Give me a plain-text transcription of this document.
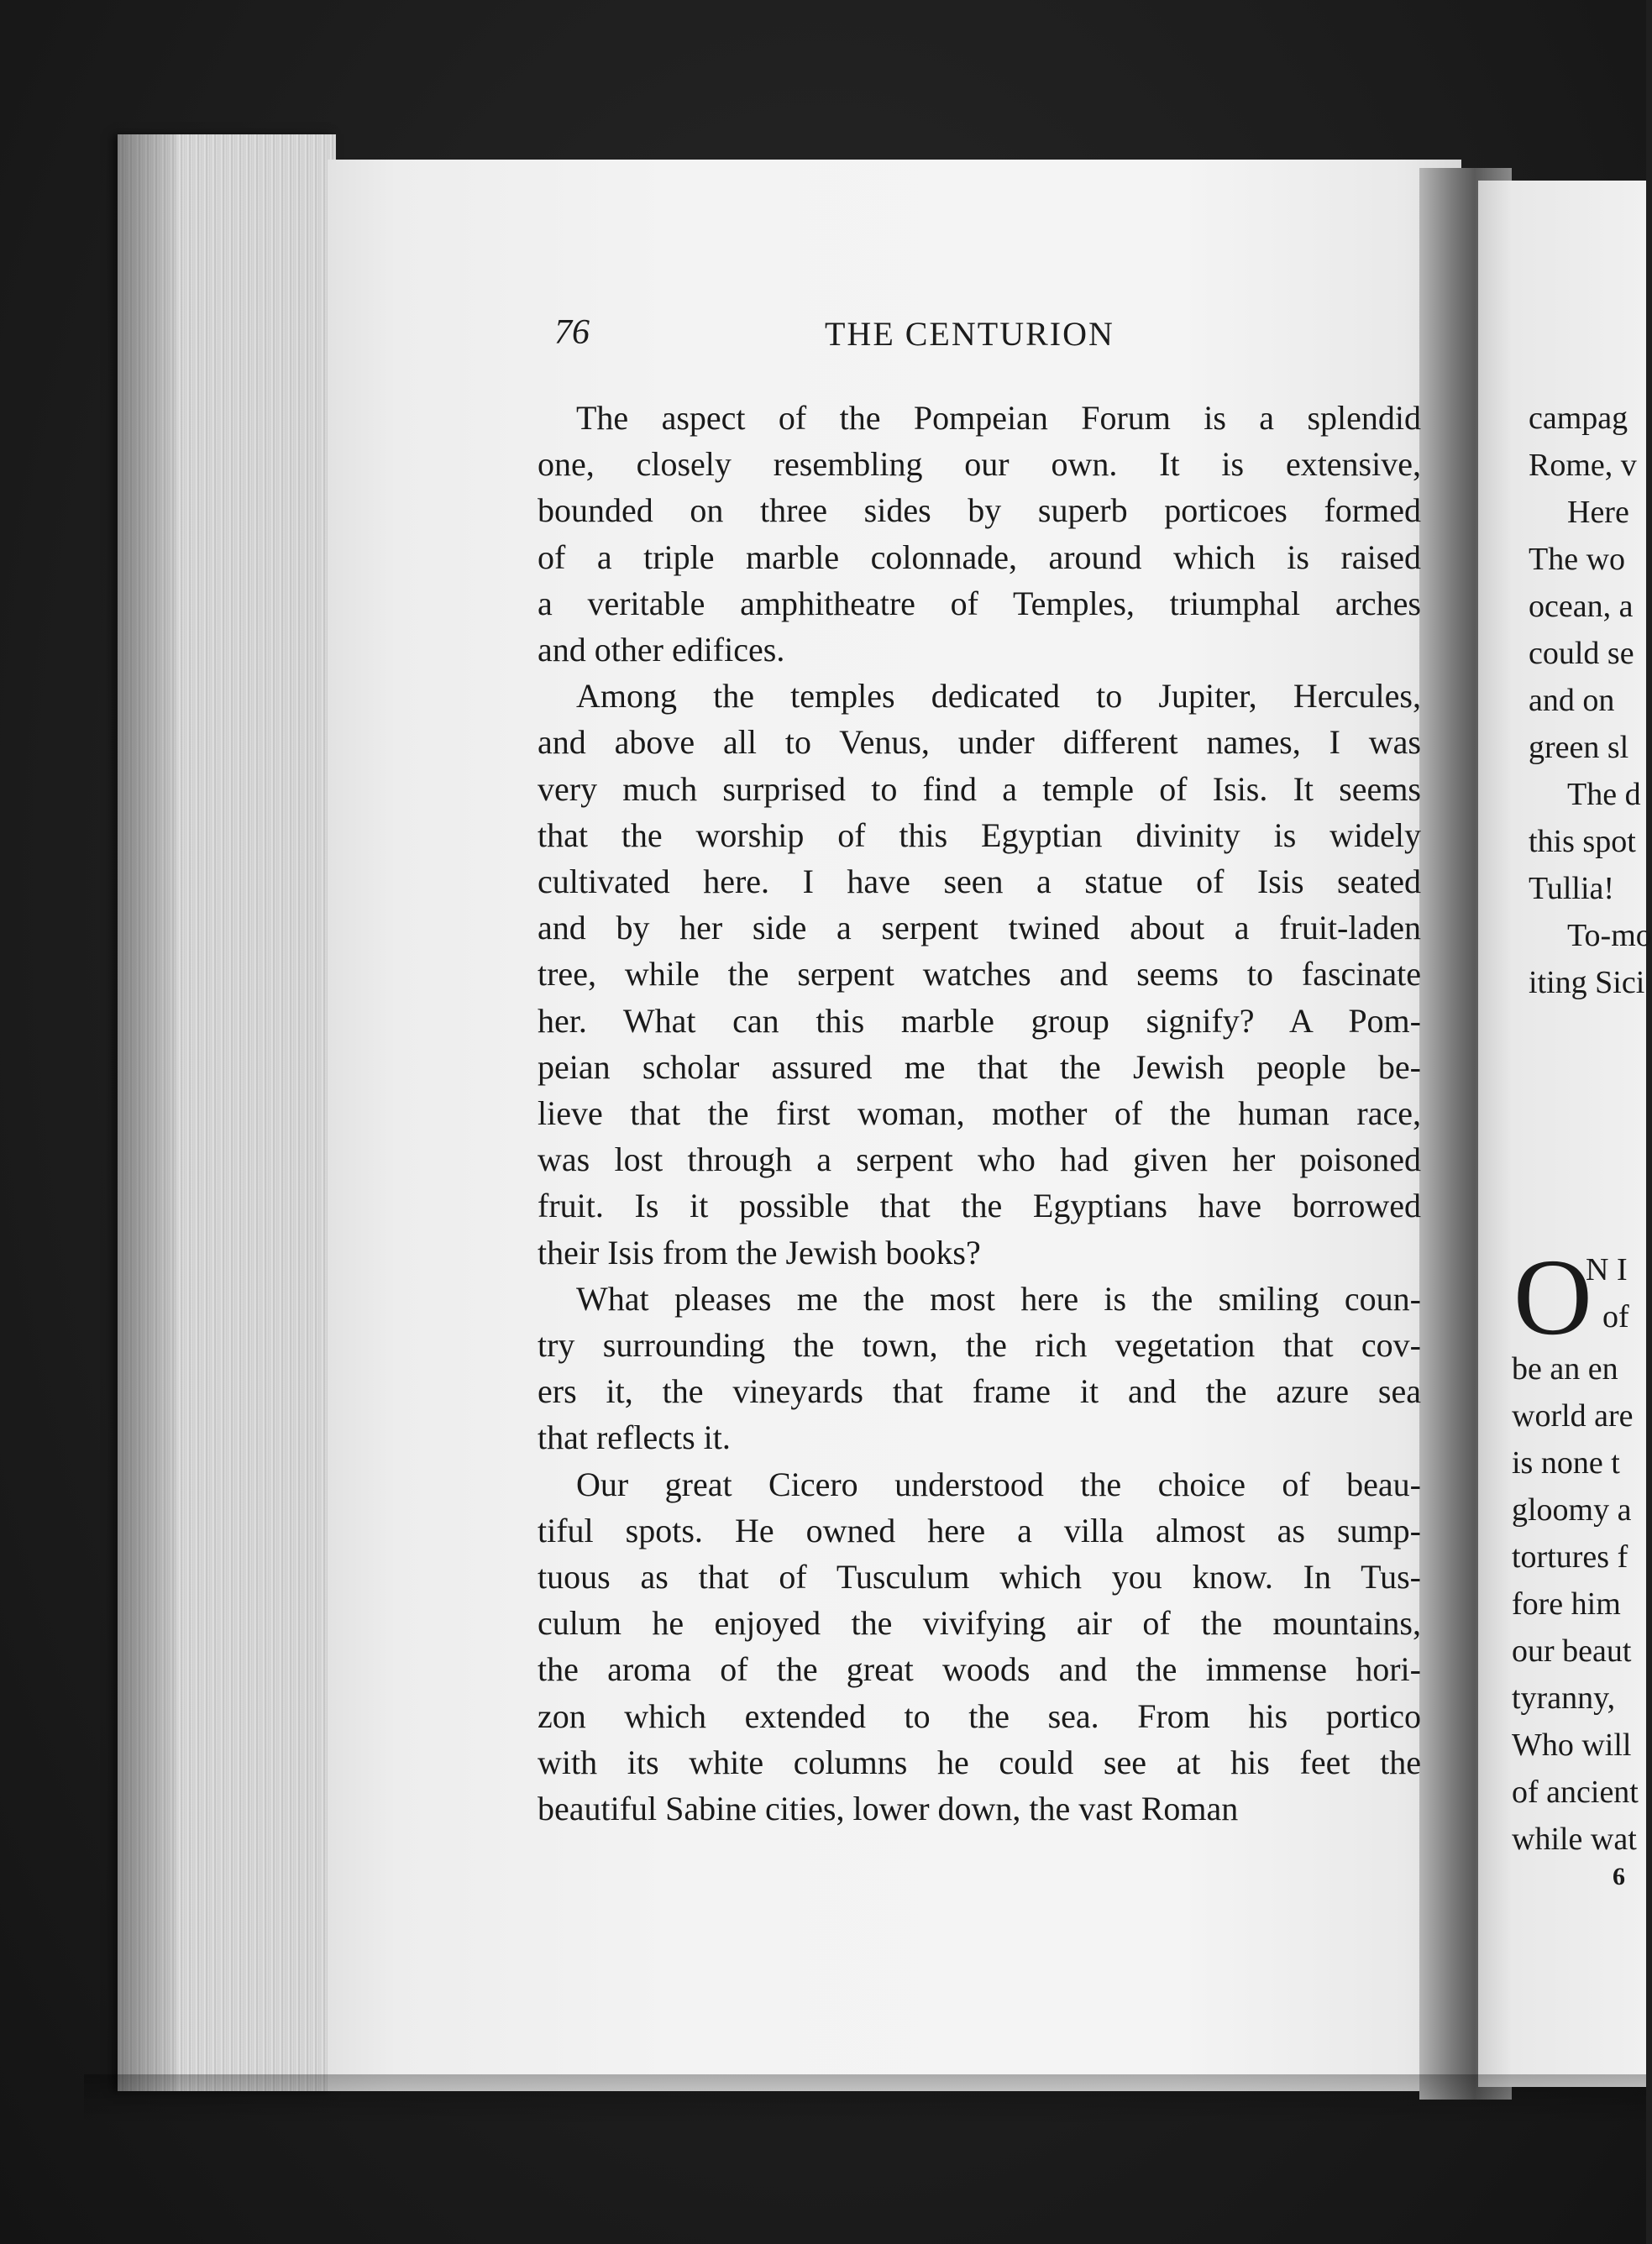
76	THE CENTURION
The aspect of the Pompeian Forum is a splendid
one, closely resembling our own. It is extensive,
bounded on three sides by superb porticoes formed
of a triple marble colonnade, around which is raised
a veritable amphitheatre of Temples, triumphal arches
and other edifices.
Among the temples dedicated to Jupiter, Hercules,
and above all to Venus, under different names, I was
very much surprised to find a temple of Isis. It seems
that the worship of this Egyptian divinity is widely
cultivated here. I have seen a statue of Isis seated
and by her side a serpent twined about a fruit-laden
tree, while the serpent watches and seems to fascinate
her. What can this marble group signify? A Pom-
peian scholar assured me that the Jewish people be-
lieve that the first woman, mother of the human race,
was lost through a serpent who had given her poisoned
fruit. Is it possible that the Egyptians have borrowed
their Isis from the Jewish books?
What pleases me the most here is the smiling coun-
try surrounding the town, the rich vegetation that cov-
ers it, the vineyards that frame it and the azure sea
that reflects it.
Our great Cicero understood the choice of beau-
tiful spots. He owned here a villa almost as sump-
tuous as that of Tusculum which you know. In Tus-
culum he enjoyed the vivifying air of the mountains,
the aroma of the great woods and the immense hori-
zon which extended to the sea. From his portico
with its white columns he could see at his feet the
beautiful Sabine cities, lower down, the vast Roman
campag
Rome, v
Here
The wo
ocean, a
could se
and on
green sl
The d
this spot
Tullia!
To-mo
iting Sici
O
N I
of
be an en
world are
is none t
gloomy a
tortures f
fore him
our beaut
tyranny,
Who will
of ancient
while wat
6
